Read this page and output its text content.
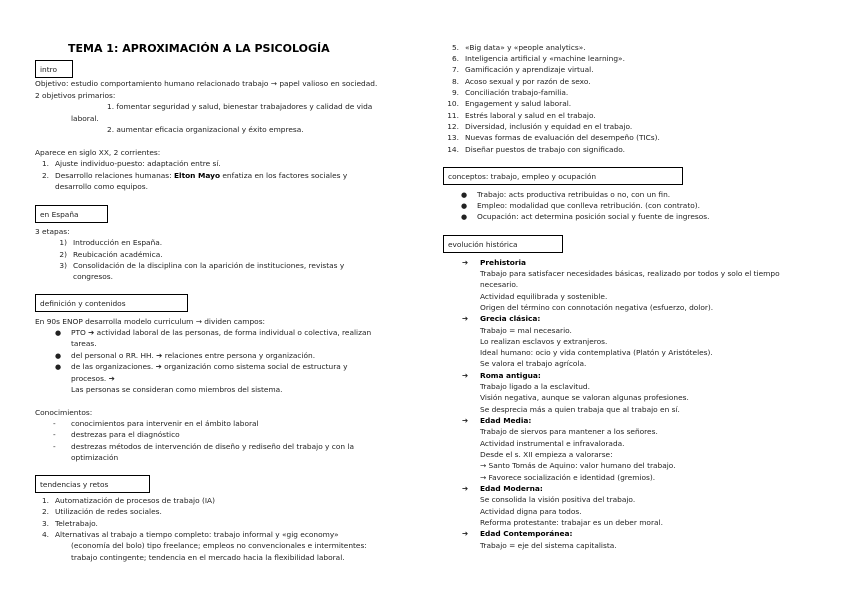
TEMA 1: APROXIMACIÓN A LA PSICOLOGÍA
intro
Objetivo: estudio comportamiento humano relacionado trabajo → papel valioso en sociedad.
2 objetivos primarios:
1. fomentar seguridad y salud, bienestar trabajadores y calidad de vida
laboral.
2. aumentar eficacia organizacional y éxito empresa.
Aparece en siglo XX, 2 corrientes:
1. Ajuste individuo-puesto: adaptación entre sí.
2. Desarrollo relaciones humanas: Elton Mayo enfatiza en los factores sociales y
desarrollo como equipos.
en España
3 etapas:
1) Introducción en España.
2) Reubicación académica.
3) Consolidación de la disciplina con la aparición de instituciones, revistas y
congresos.
definición y contenidos
En 90s ENOP desarrolla modelo curriculum → dividen campos:
● PTO ➔ actividad laboral de las personas, de forma individual o colectiva, realizan
tareas.
● del personal o RR. HH. ➔ relaciones entre persona y organización.
● de las organizaciones. ➔ organización como sistema social de estructura y
procesos. ➔
Las personas se consideran como miembros del sistema.
Conocimientos:
- conocimientos para intervenir en el ámbito laboral
- destrezas para el diagnóstico
- destrezas métodos de intervención de diseño y rediseño del trabajo y con la
optimización
tendencias y retos
1. Automatización de procesos de trabajo (IA)
2. Utilización de redes sociales.
3. Teletrabajo.
4. Alternativas al trabajo a tiempo completo: trabajo informal y «gig economy»
(economía del bolo) tipo freelance; empleos no convencionales e intermitentes:
trabajo contingente; tendencia en el mercado hacia la flexibilidad laboral.
5. «Big data» y «people analytics».
6. Inteligencia artificial y «machine learning».
7. Gamificación y aprendizaje virtual.
8. Acoso sexual y por razón de sexo.
9. Conciliación trabajo-familia.
10. Engagement y salud laboral.
11. Estrés laboral y salud en el trabajo.
12. Diversidad, inclusión y equidad en el trabajo.
13. Nuevas formas de evaluación del desempeño (TICs).
14. Diseñar puestos de trabajo con significado.
conceptos: trabajo, empleo y ocupación
● Trabajo: acts productiva retribuidas o no, con un fin.
● Empleo: modalidad que conlleva retribución. (con contrato).
● Ocupación: act determina posición social y fuente de ingresos.
evolución histórica
➔ Prehistoria
Trabajo para satisfacer necesidades básicas, realizado por todos y solo el tiempo
necesario.
Actividad equilibrada y sostenible.
Origen del término con connotación negativa (esfuerzo, dolor).
➔ Grecia clásica:
Trabajo = mal necesario.
Lo realizan esclavos y extranjeros.
Ideal humano: ocio y vida contemplativa (Platón y Aristóteles).
Se valora el trabajo agrícola.
➔ Roma antigua:
Trabajo ligado a la esclavitud.
Visión negativa, aunque se valoran algunas profesiones.
Se desprecia más a quien trabaja que al trabajo en sí.
➔ Edad Media:
Trabajo de siervos para mantener a los señores.
Actividad instrumental e infravalorada.
Desde el s. XII empieza a valorarse:
→ Santo Tomás de Aquino: valor humano del trabajo.
→ Favorece socialización e identidad (gremios).
➔ Edad Moderna:
Se consolida la visión positiva del trabajo.
Actividad digna para todos.
Reforma protestante: trabajar es un deber moral.
➔ Edad Contemporánea:
Trabajo = eje del sistema capitalista.
